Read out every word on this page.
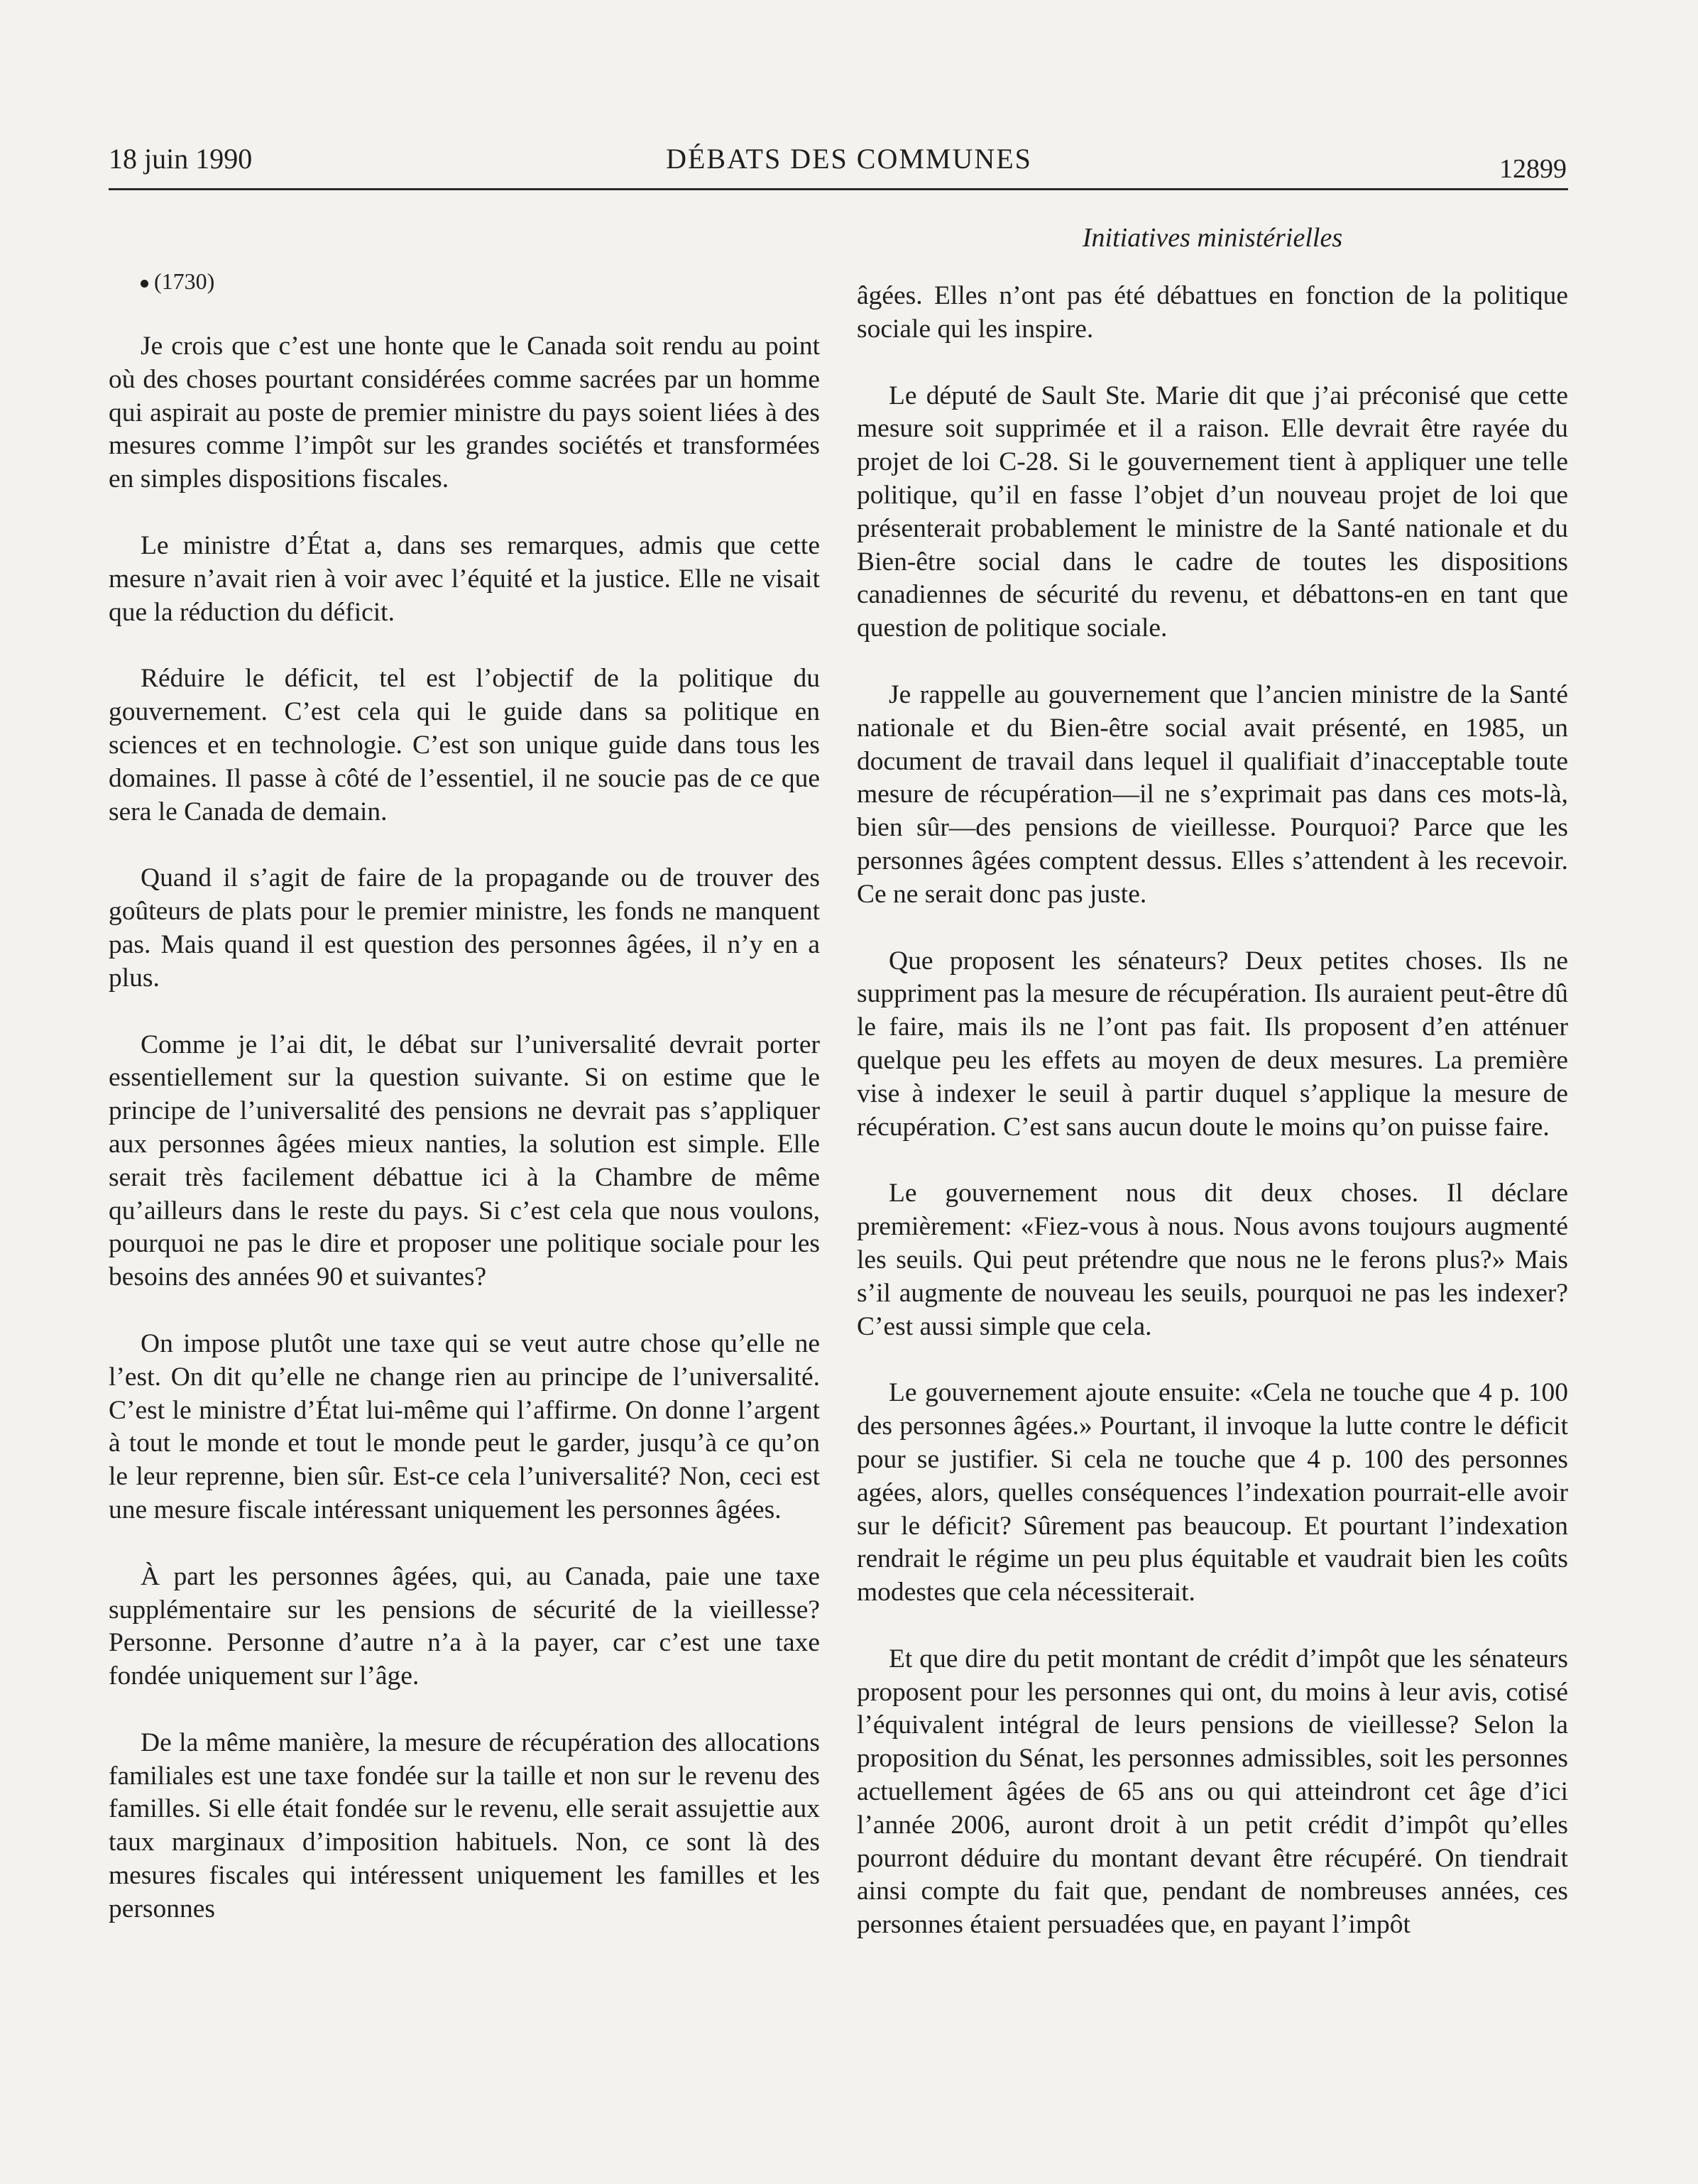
18 juin 1990	DÉBATS DES COMMUNES	12899
Initiatives ministérielles

(1730)

Je crois que c’est une honte que le Canada soit rendu au point où des choses pourtant considérées comme sacrées par un homme qui aspirait au poste de premier ministre du pays soient liées à des mesures comme l’impôt sur les grandes sociétés et transformées en simples dispositions fiscales.

Le ministre d’État a, dans ses remarques, admis que cette mesure n’avait rien à voir avec l’équité et la justice. Elle ne visait que la réduction du déficit.

Réduire le déficit, tel est l’objectif de la politique du gouvernement. C’est cela qui le guide dans sa politique en sciences et en technologie. C’est son unique guide dans tous les domaines. Il passe à côté de l’essentiel, il ne soucie pas de ce que sera le Canada de demain.

Quand il s’agit de faire de la propagande ou de trouver des goûteurs de plats pour le premier ministre, les fonds ne manquent pas. Mais quand il est question des personnes âgées, il n’y en a plus.

Comme je l’ai dit, le débat sur l’universalité devrait porter essentiellement sur la question suivante. Si on estime que le principe de l’universalité des pensions ne devrait pas s’appliquer aux personnes âgées mieux nanties, la solution est simple. Elle serait très facilement débattue ici à la Chambre de même qu’ailleurs dans le reste du pays. Si c’est cela que nous voulons, pourquoi ne pas le dire et proposer une politique sociale pour les besoins des années 90 et suivantes?

On impose plutôt une taxe qui se veut autre chose qu’elle ne l’est. On dit qu’elle ne change rien au principe de l’universalité. C’est le ministre d’État lui-même qui l’affirme. On donne l’argent à tout le monde et tout le monde peut le garder, jusqu’à ce qu’on le leur reprenne, bien sûr. Est-ce cela l’universalité? Non, ceci est une mesure fiscale intéressant uniquement les personnes âgées.

À part les personnes âgées, qui, au Canada, paie une taxe supplémentaire sur les pensions de sécurité de la vieillesse? Personne. Personne d’autre n’a à la payer, car c’est une taxe fondée uniquement sur l’âge.

De la même manière, la mesure de récupération des allocations familiales est une taxe fondée sur la taille et non sur le revenu des familles. Si elle était fondée sur le revenu, elle serait assujettie aux taux marginaux d’imposition habituels. Non, ce sont là des mesures fiscales qui intéressent uniquement les familles et les personnes

âgées. Elles n’ont pas été débattues en fonction de la politique sociale qui les inspire.

Le député de Sault Ste. Marie dit que j’ai préconisé que cette mesure soit supprimée et il a raison. Elle devrait être rayée du projet de loi C-28. Si le gouvernement tient à appliquer une telle politique, qu’il en fasse l’objet d’un nouveau projet de loi que présenterait probablement le ministre de la Santé nationale et du Bien-être social dans le cadre de toutes les dispositions canadiennes de sécurité du revenu, et débattons-en en tant que question de politique sociale.

Je rappelle au gouvernement que l’ancien ministre de la Santé nationale et du Bien-être social avait présenté, en 1985, un document de travail dans lequel il qualifiait d’inacceptable toute mesure de récupération—il ne s’exprimait pas dans ces mots-là, bien sûr—des pensions de vieillesse. Pourquoi? Parce que les personnes âgées comptent dessus. Elles s’attendent à les recevoir. Ce ne serait donc pas juste.

Que proposent les sénateurs? Deux petites choses. Ils ne suppriment pas la mesure de récupération. Ils auraient peut-être dû le faire, mais ils ne l’ont pas fait. Ils proposent d’en atténuer quelque peu les effets au moyen de deux mesures. La première vise à indexer le seuil à partir duquel s’applique la mesure de récupération. C’est sans aucun doute le moins qu’on puisse faire.

Le gouvernement nous dit deux choses. Il déclare premièrement: «Fiez-vous à nous. Nous avons toujours augmenté les seuils. Qui peut prétendre que nous ne le ferons plus?» Mais s’il augmente de nouveau les seuils, pourquoi ne pas les indexer? C’est aussi simple que cela.

Le gouvernement ajoute ensuite: «Cela ne touche que 4 p. 100 des personnes âgées.» Pourtant, il invoque la lutte contre le déficit pour se justifier. Si cela ne touche que 4 p. 100 des personnes agées, alors, quelles conséquences l’indexation pourrait-elle avoir sur le déficit? Sûrement pas beaucoup. Et pourtant l’indexation rendrait le régime un peu plus équitable et vaudrait bien les coûts modestes que cela nécessiterait.

Et que dire du petit montant de crédit d’impôt que les sénateurs proposent pour les personnes qui ont, du moins à leur avis, cotisé l’équivalent intégral de leurs pensions de vieillesse? Selon la proposition du Sénat, les personnes admissibles, soit les personnes actuellement âgées de 65 ans ou qui atteindront cet âge d’ici l’année 2006, auront droit à un petit crédit d’impôt qu’elles pourront déduire du montant devant être récupéré. On tiendrait ainsi compte du fait que, pendant de nombreuses années, ces personnes étaient persuadées que, en payant l’impôt
